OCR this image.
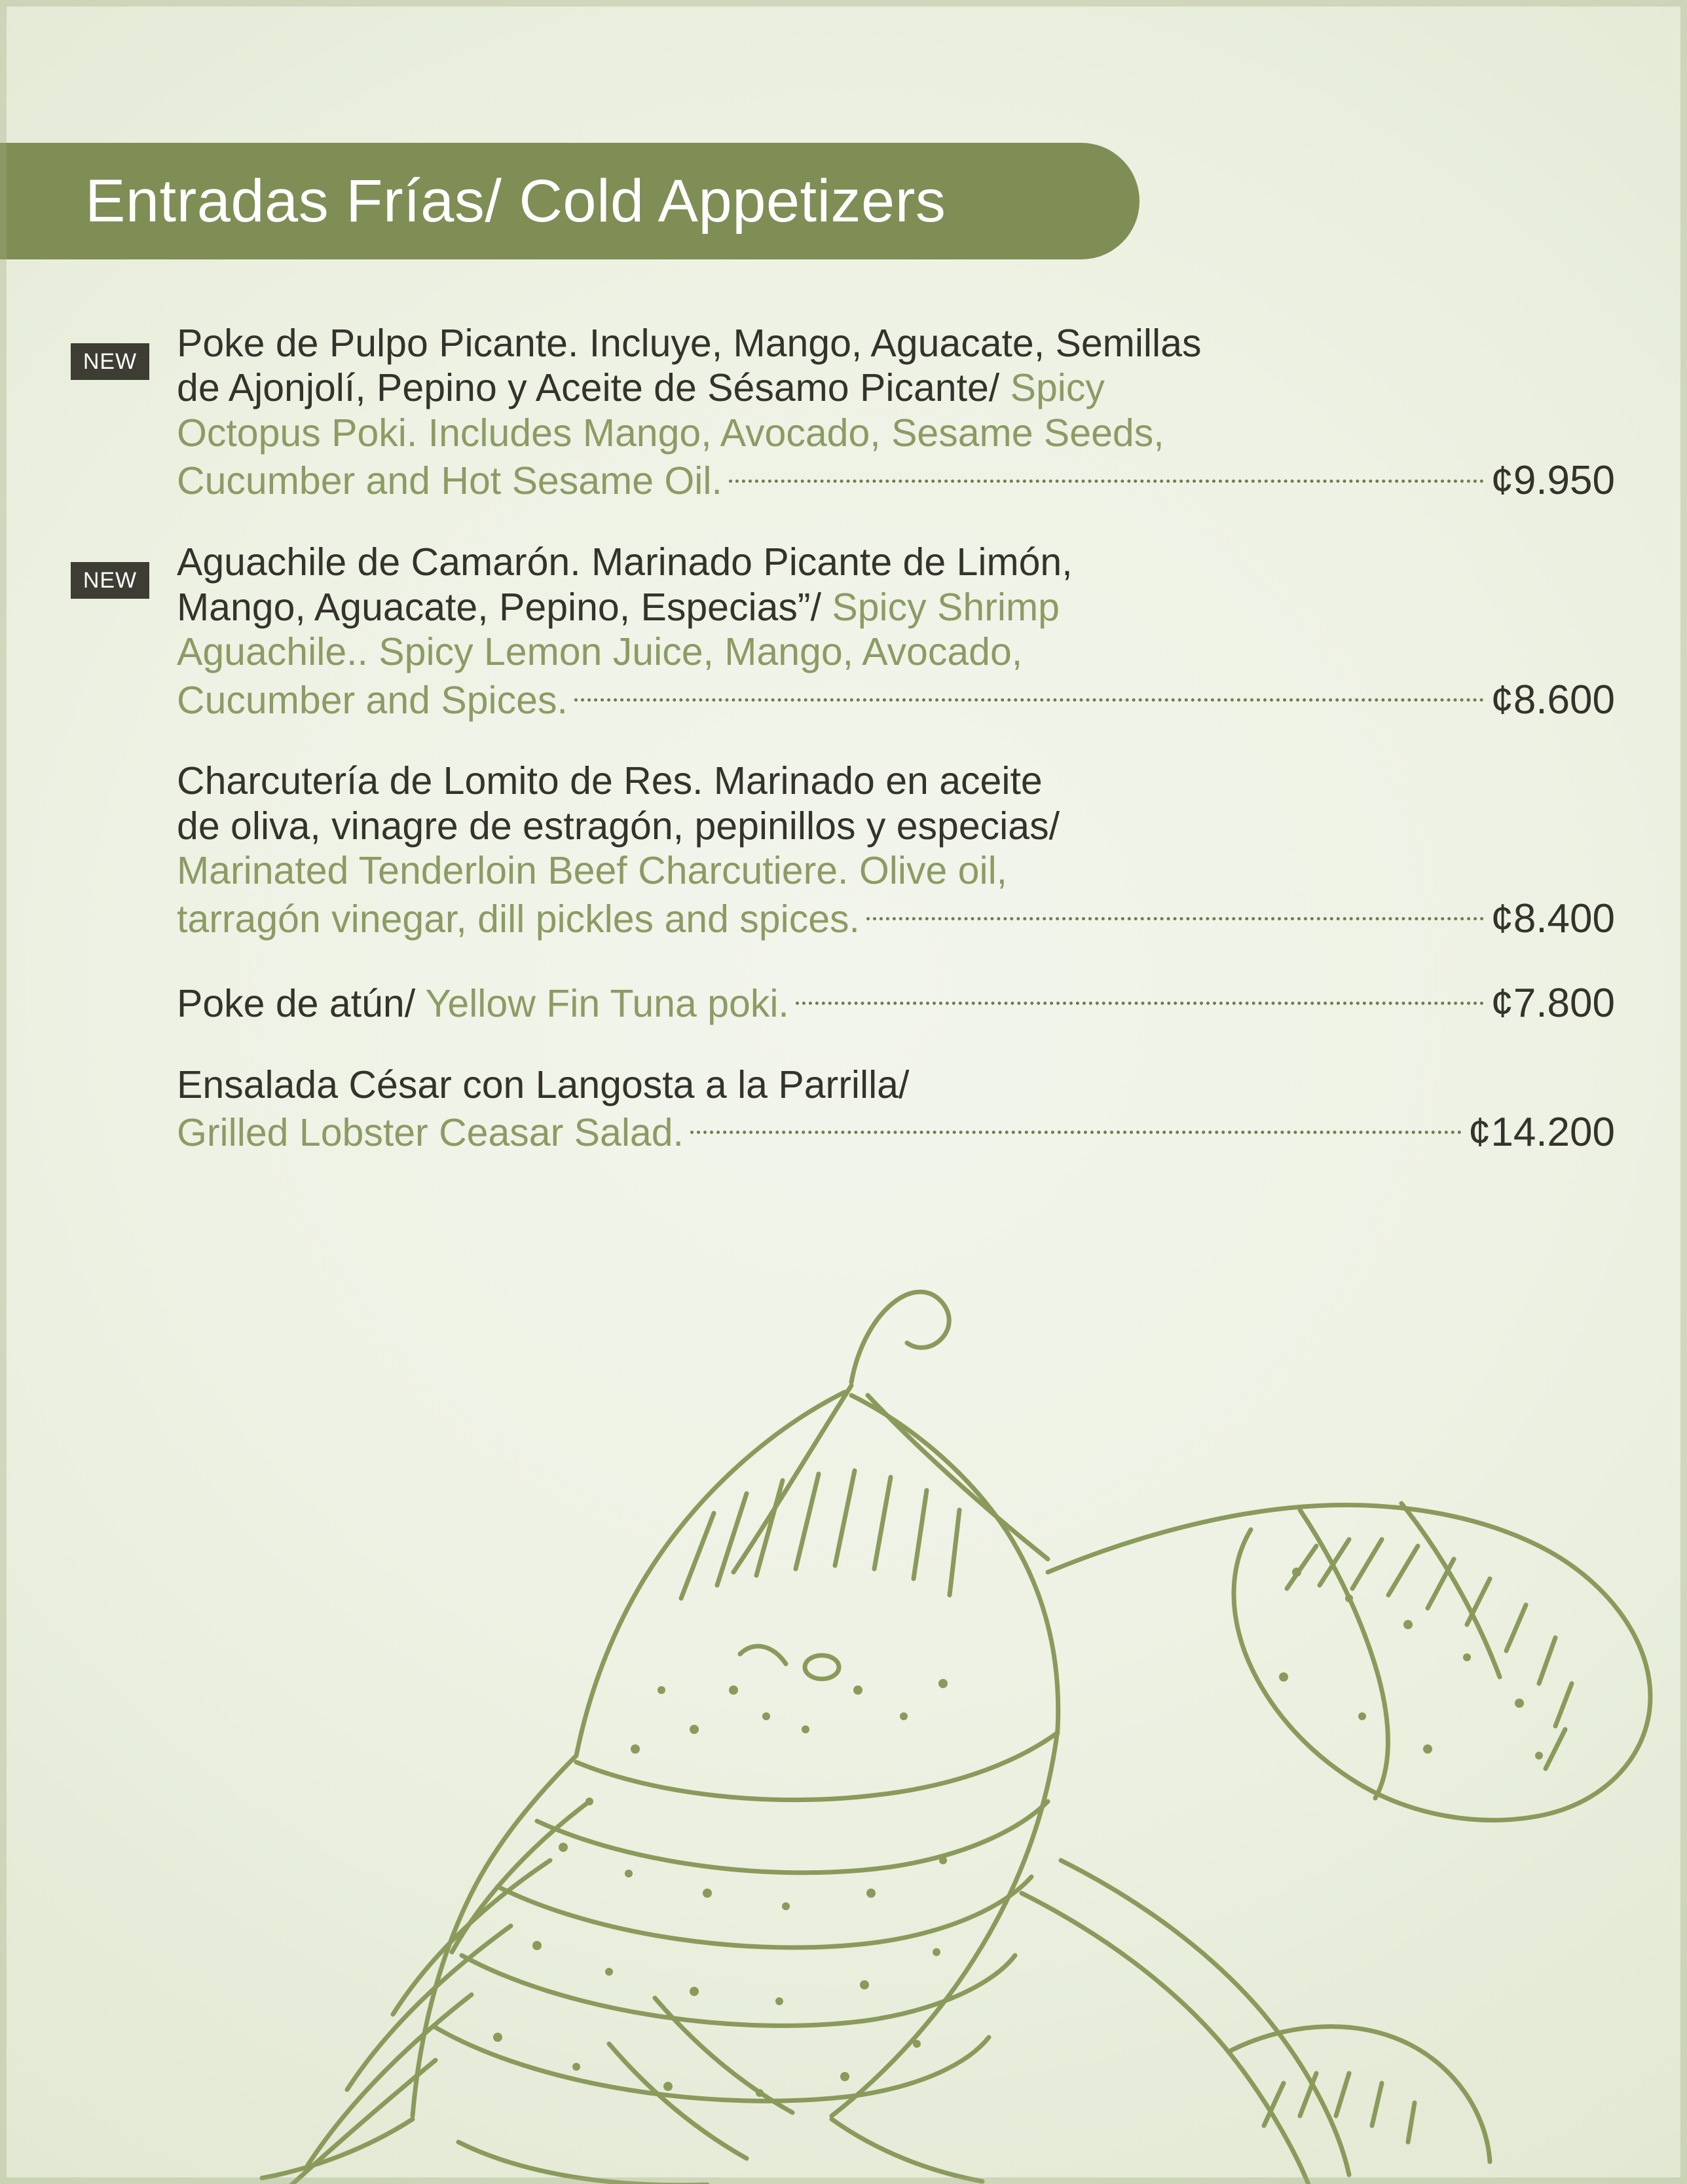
Entradas Frías/ Cold Appetizers
NEW	Poke de Pulpo Picante. Incluye, Mango, Aguacate, Semillas
de Ajonjolí, Pepino y Aceite de Sésamo Picante/ Spicy
Octopus Poki. Includes Mango, Avocado, Sesame Seeds,
Cucumber and Hot Sesame Oil.	¢9.950
NEW	Aguachile de Camarón. Marinado Picante de Limón,
Mango, Aguacate, Pepino, Especias”/ Spicy Shrimp
Aguachile.. Spicy Lemon Juice, Mango, Avocado,
Cucumber and Spices.	¢8.600
Charcutería de Lomito de Res. Marinado en aceite
de oliva, vinagre de estragón, pepinillos y especias/
Marinated Tenderloin Beef Charcutiere. Olive oil,
tarragón vinegar, dill pickles and spices.	¢8.400
Poke de atún/ Yellow Fin Tuna poki.	¢7.800
Ensalada César con Langosta a la Parrilla/
Grilled Lobster Ceasar Salad.	¢14.200
